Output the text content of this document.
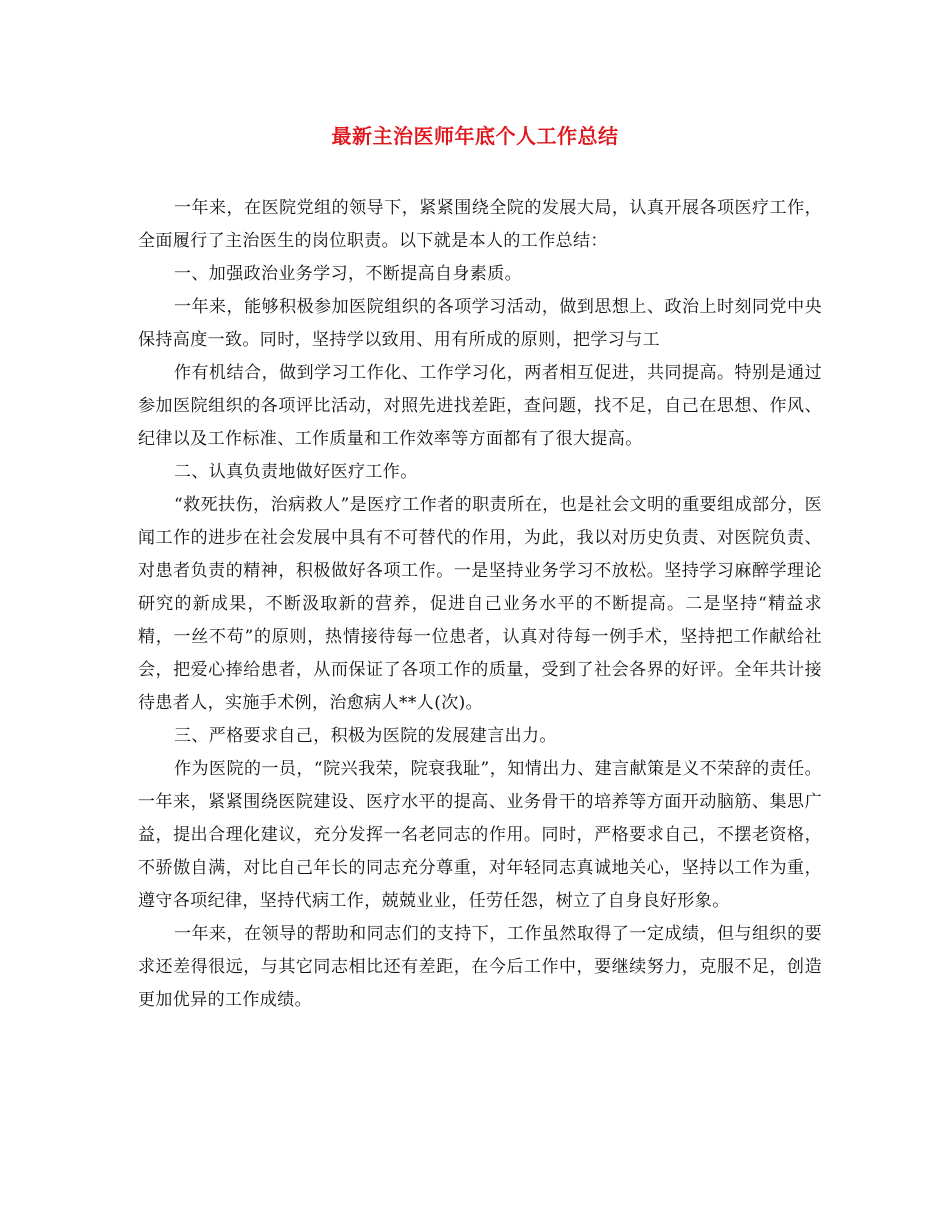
最新主治医师年底个人工作总结

一年来，在医院党组的领导下，紧紧围绕全院的发展大局，认真开展各项医疗工作，全面履行了主治医生的岗位职责。以下就是本人的工作总结：

一、加强政治业务学习，不断提高自身素质。

一年来，能够积极参加医院组织的各项学习活动，做到思想上、政治上时刻同党中央保持高度一致。同时，坚持学以致用、用有所成的原则，把学习与工

作有机结合，做到学习工作化、工作学习化，两者相互促进，共同提高。特别是通过参加医院组织的各项评比活动，对照先进找差距，查问题，找不足，自己在思想、作风、纪律以及工作标准、工作质量和工作效率等方面都有了很大提高。

二、认真负责地做好医疗工作。

“救死扶伤，治病救人”是医疗工作者的职责所在，也是社会文明的重要组成部分，医闻工作的进步在社会发展中具有不可替代的作用，为此，我以对历史负责、对医院负责、对患者负责的精神，积极做好各项工作。一是坚持业务学习不放松。坚持学习麻醉学理论研究的新成果，不断汲取新的营养，促进自己业务水平的不断提高。二是坚持“精益求精，一丝不苟”的原则，热情接待每一位患者，认真对待每一例手术，坚持把工作献给社会，把爱心捧给患者，从而保证了各项工作的质量，受到了社会各界的好评。全年共计接待患者人，实施手术例，治愈病人**人(次)。

三、严格要求自己，积极为医院的发展建言出力。

作为医院的一员，“院兴我荣，院衰我耻”，知情出力、建言献策是义不荣辞的责任。一年来，紧紧围绕医院建设、医疗水平的提高、业务骨干的培养等方面开动脑筋、集思广益，提出合理化建议，充分发挥一名老同志的作用。同时，严格要求自己，不摆老资格，不骄傲自满，对比自己年长的同志充分尊重，对年轻同志真诚地关心，坚持以工作为重，遵守各项纪律，坚持代病工作，兢兢业业，任劳任怨，树立了自身良好形象。

一年来，在领导的帮助和同志们的支持下，工作虽然取得了一定成绩，但与组织的要求还差得很远，与其它同志相比还有差距，在今后工作中，要继续努力，克服不足，创造更加优异的工作成绩。
